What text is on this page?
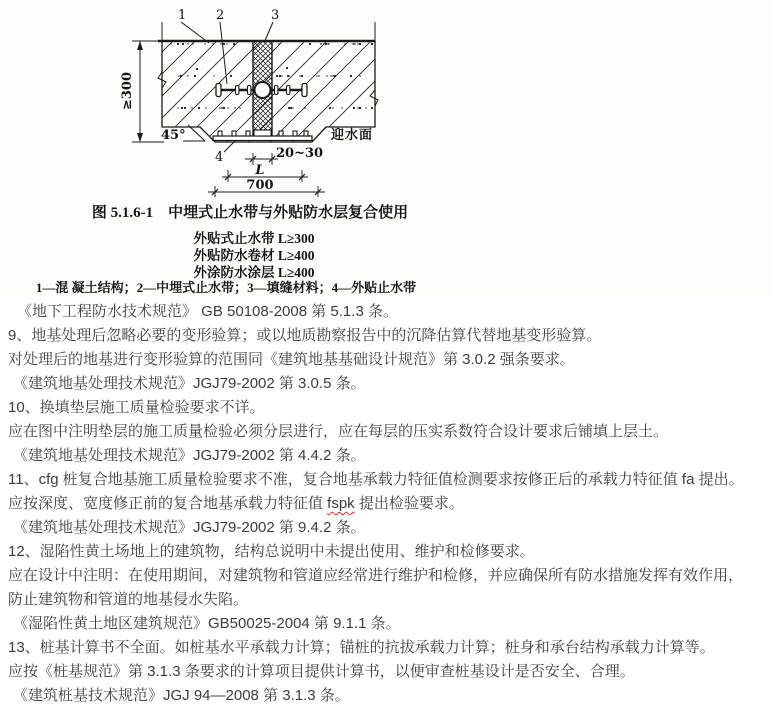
≥300
45°
1 2	3
4
迎水面
20~30
L
700
图 5.1.6-1　中埋式止水带与外贴防水层复合使用
外贴式止水带 L≥300
外贴防水卷材 L≥400
外涂防水涂层 L≥400
1—混 凝土结构；2—中埋式止水带；3—填缝材料；4—外贴止水带
《地下工程防水技术规范》 GB 50108-2008 第 5.1.3 条。
9、地基处理后忽略必要的变形验算；或以地质勘察报告中的沉降估算代替地基变形验算。
对处理后的地基进行变形验算的范围同《建筑地基基础设计规范》第 3.0.2 强条要求。
《建筑地基处理技术规范》JGJ79-2002 第 3.0.5 条。
10、换填垫层施工质量检验要求不详。
应在图中注明垫层的施工质量检验必须分层进行，应在每层的压实系数符合设计要求后铺填上层土。
《建筑地基处理技术规范》JGJ79-2002 第 4.4.2 条。
11、cfg 桩复合地基施工质量检验要求不准，复合地基承载力特征值检测要求按修正后的承载力特征值 fa 提出。
应按深度、宽度修正前的复合地基承载力特征值 fspk 提出检验要求。
《建筑地基处理技术规范》JGJ79-2002 第 9.4.2 条。
12、湿陷性黄土场地上的建筑物，结构总说明中未提出使用、维护和检修要求。
应在设计中注明：在使用期间，对建筑物和管道应经常进行维护和检修，并应确保所有防水措施发挥有效作用，
防止建筑物和管道的地基侵水失陷。
《湿陷性黄土地区建筑规范》GB50025-2004 第 9.1.1 条。
13、桩基计算书不全面。如桩基水平承载力计算；锚桩的抗拔承载力计算；桩身和承台结构承载力计算等。
应按《桩基规范》第 3.1.3 条要求的计算项目提供计算书，以便审查桩基设计是否安全、合理。
《建筑桩基技术规范》JGJ 94—2008 第 3.1.3 条。
